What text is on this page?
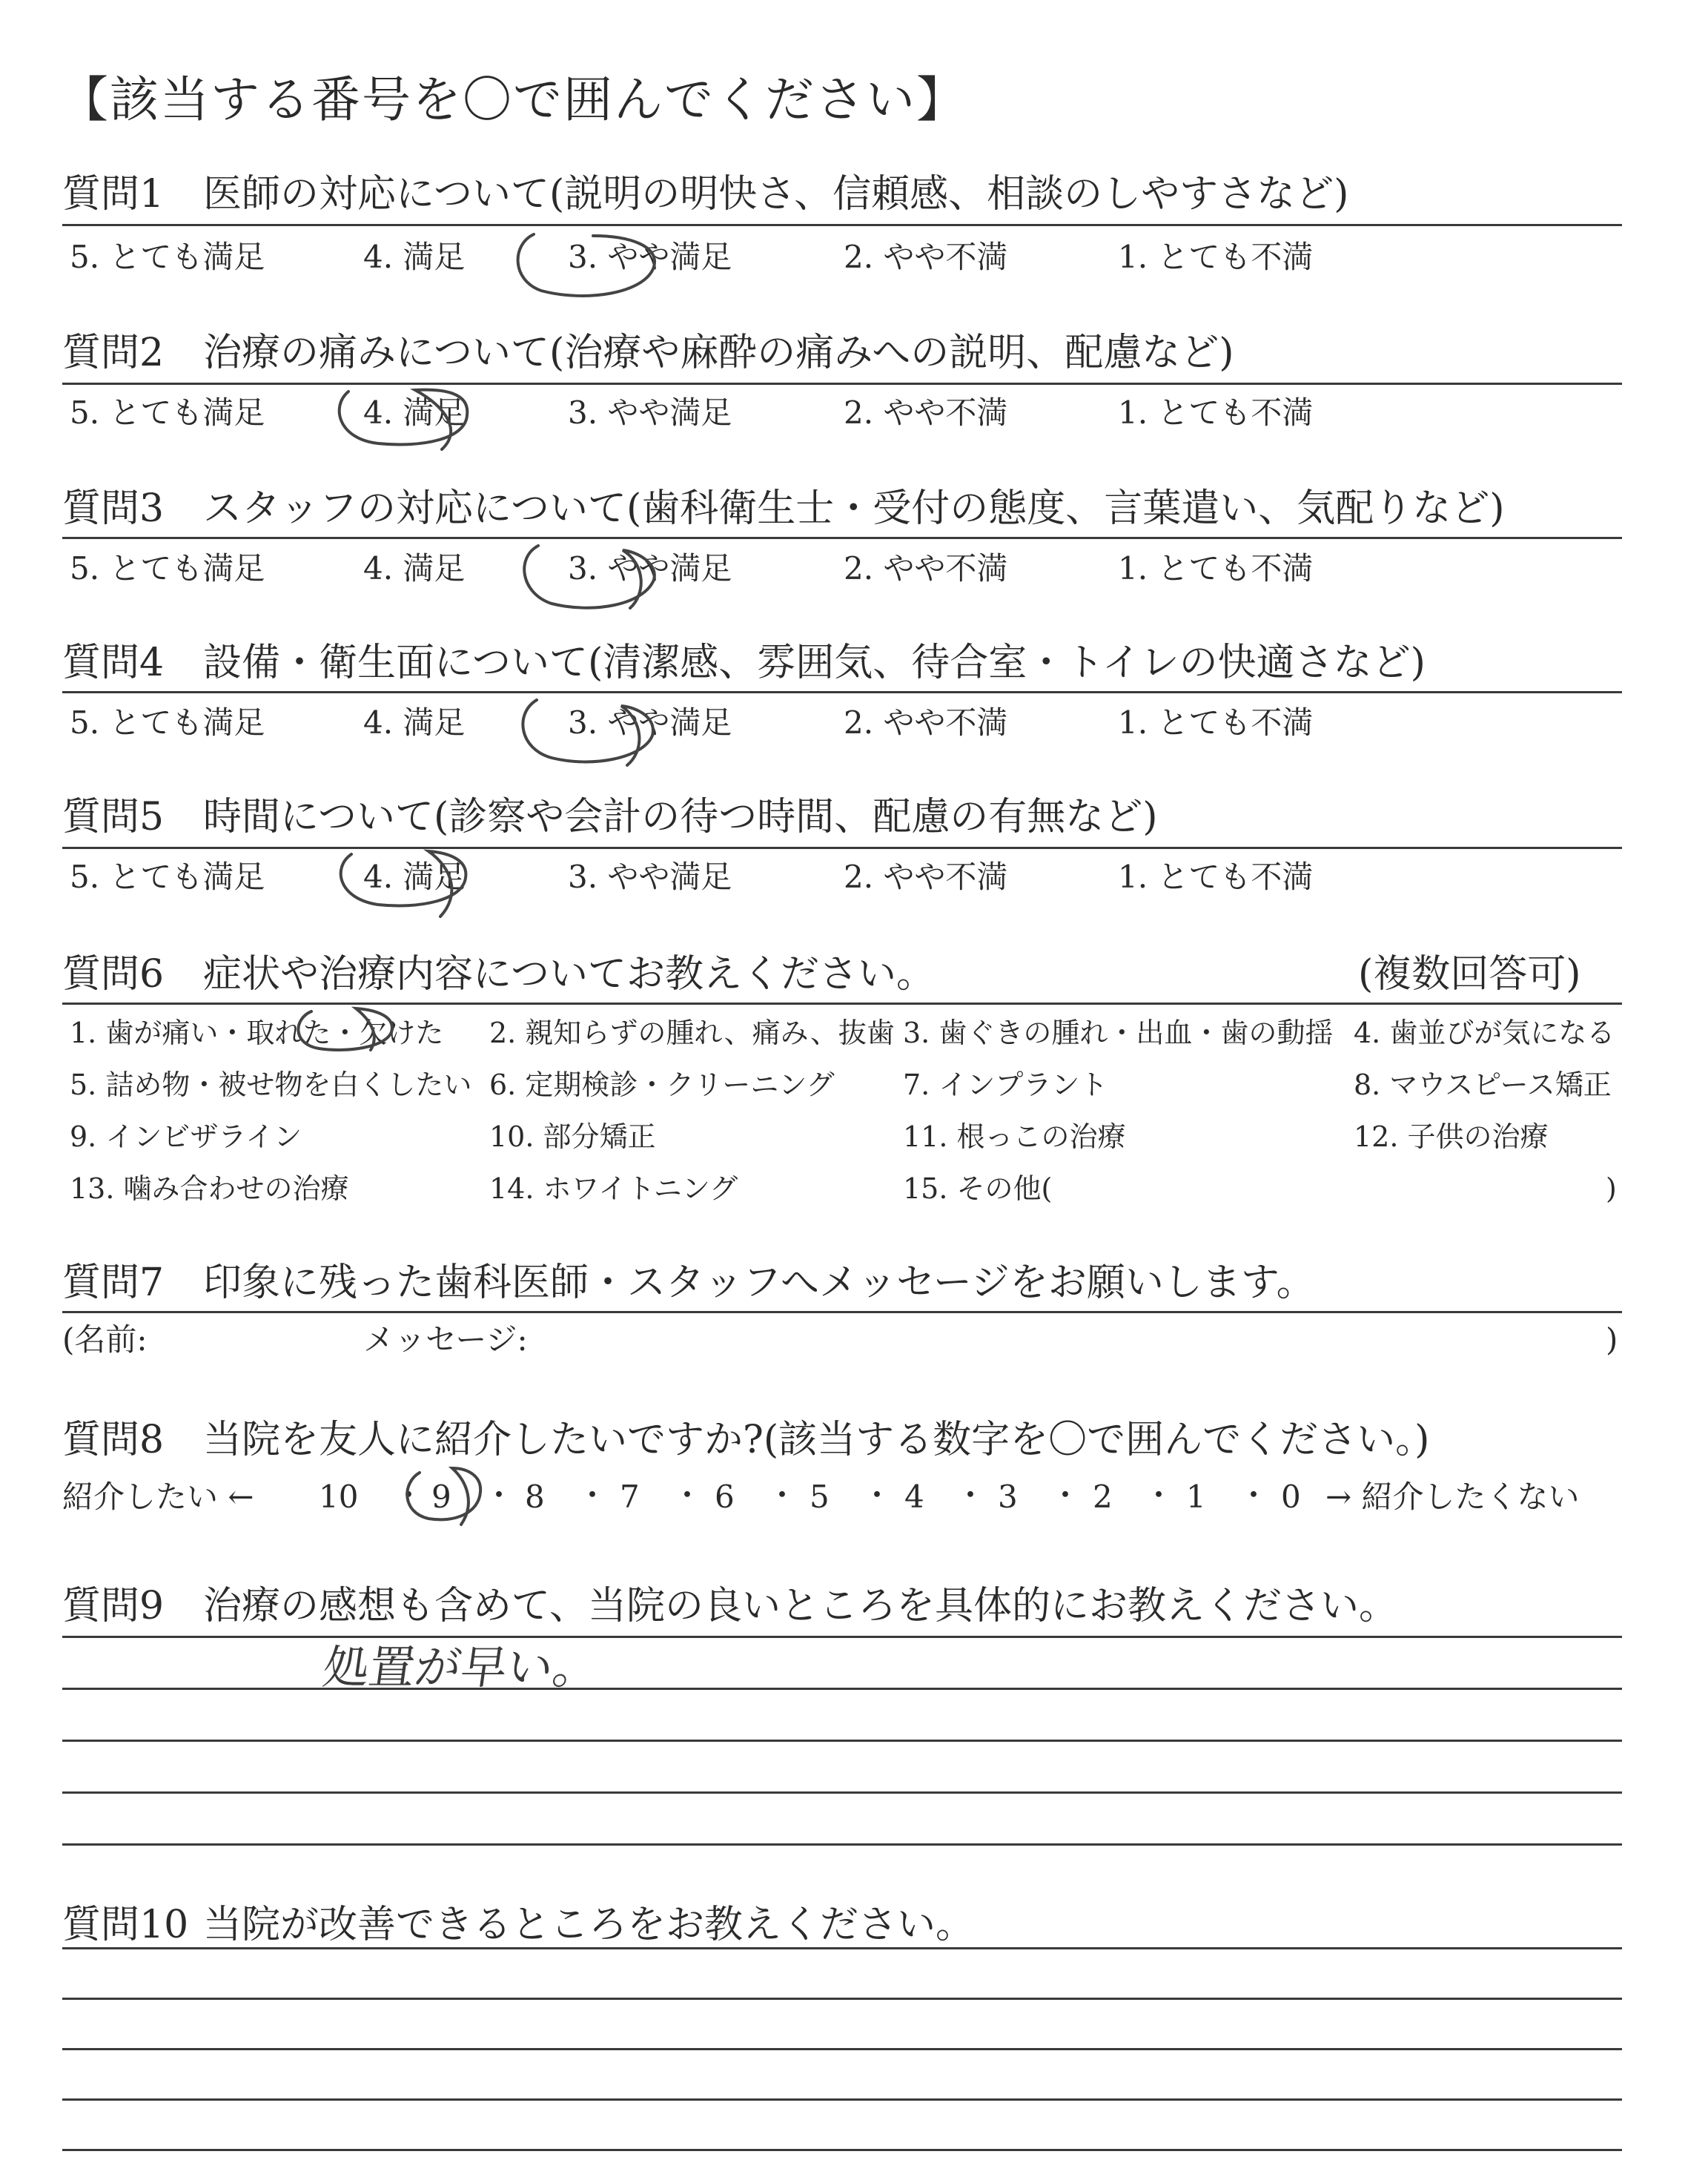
【該当する番号を〇で囲んでください】
質問1 医師の対応について(説明の明快さ、信頼感、相談のしやすさなど)
5. とても満足	4. 満足	3. やや満足	2. やや不満	1. とても不満
質問2 治療の痛みについて(治療や麻酔の痛みへの説明、配慮など)
5. とても満足	4. 満足	3. やや満足	2. やや不満	1. とても不満
質問3 スタッフの対応について(歯科衛生士・受付の態度、言葉遣い、気配りなど)
5. とても満足	4. 満足	3. やや満足	2. やや不満	1. とても不満
質問4 設備・衛生面について(清潔感、雰囲気、待合室・トイレの快適さなど)
5. とても満足	4. 満足	3. やや満足	2. やや不満	1. とても不満
質問5 時間について(診察や会計の待つ時間、配慮の有無など)
5. とても満足	4. 満足	3. やや満足	2. やや不満	1. とても不満
質問6 症状や治療内容についてお教えください。	(複数回答可)
1. 歯が痛い・取れた・欠けた 2. 親知らずの腫れ、痛み、抜歯 3. 歯ぐきの腫れ・出血・歯の動揺 4. 歯並びが気になる
5. 詰め物・被せ物を白くしたい 6. 定期検診・クリーニング 7. インプラント	8. マウスピース矯正
9. インビザライン	10. 部分矯正	11. 根っこの治療	12. 子供の治療
13. 噛み合わせの治療	14. ホワイトニング	15. その他(	)
質問7 印象に残った歯科医師・スタッフへメッセージをお願いします。
(名前:	メッセージ:	)
質問8 当院を友人に紹介したいですか?(該当する数字を〇で囲んでください。)
紹介したい ←	→ 紹介したくない
10 9 8 7 6 5 4 3 2 1 0
・ ・ ・ ・ ・ ・ ・ ・ ・ ・
質問9 治療の感想も含めて、当院の良いところを具体的にお教えください。
処置が早い。
質問10 当院が改善できるところをお教えください。
